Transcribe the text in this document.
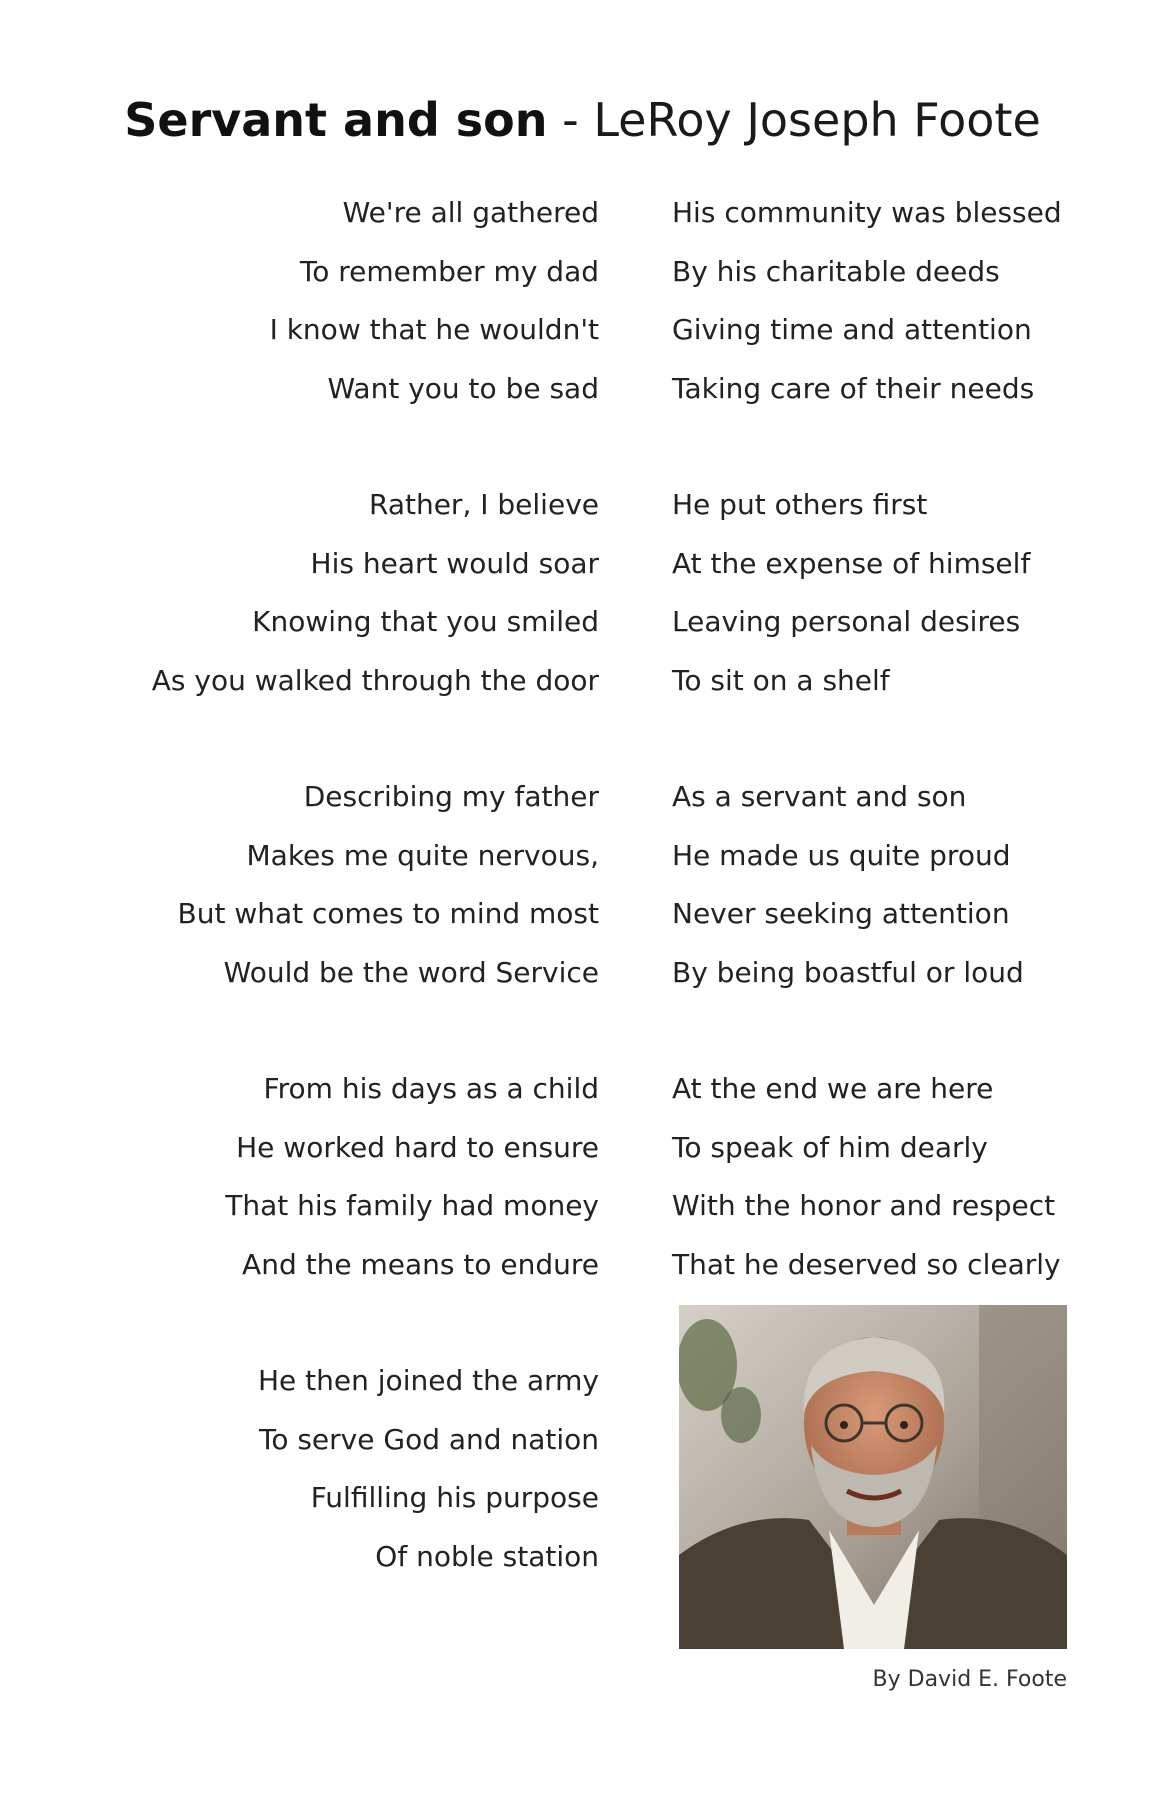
Servant and son - LeRoy Joseph Foote
We're all gathered
To remember my dad
I know that he wouldn't
Want you to be sad
Rather, I believe
His heart would soar
Knowing that you smiled
As you walked through the door
Describing my father
Makes me quite nervous,
But what comes to mind most
Would be the word Service
From his days as a child
He worked hard to ensure
That his family had money
And the means to endure
He then joined the army
To serve God and nation
Fulfilling his purpose
Of noble station
His community was blessed
By his charitable deeds
Giving time and attention
Taking care of their needs
He put others first
At the expense of himself
Leaving personal desires
To sit on a shelf
As a servant and son
He made us quite proud
Never seeking attention
By being boastful or loud
At the end we are here
To speak of him dearly
With the honor and respect
That he deserved so clearly
By David E. Foote
